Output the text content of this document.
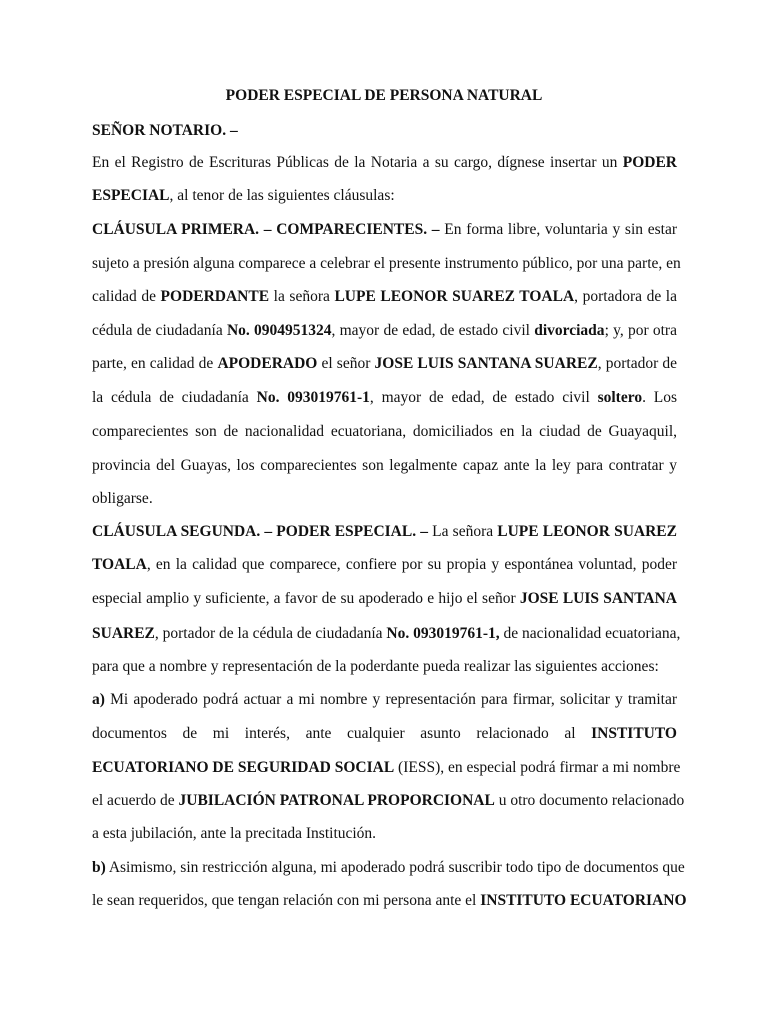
PODER ESPECIAL DE PERSONA NATURAL
SEÑOR NOTARIO. –
En el Registro de Escrituras Públicas de la Notaria a su cargo, dígnese insertar un PODER
ESPECIAL, al tenor de las siguientes cláusulas:
CLÁUSULA PRIMERA. – COMPARECIENTES. – En forma libre, voluntaria y sin estar
sujeto a presión alguna comparece a celebrar el presente instrumento público, por una parte, en
calidad de PODERDANTE la señora LUPE LEONOR SUAREZ TOALA, portadora de la
cédula de ciudadanía No. 0904951324, mayor de edad, de estado civil divorciada; y, por otra
parte, en calidad de APODERADO el señor JOSE LUIS SANTANA SUAREZ, portador de
la cédula de ciudadanía No. 093019761-1, mayor de edad, de estado civil soltero. Los
comparecientes son de nacionalidad ecuatoriana, domiciliados en la ciudad de Guayaquil,
provincia del Guayas, los comparecientes son legalmente capaz ante la ley para contratar y
obligarse.
CLÁUSULA SEGUNDA. – PODER ESPECIAL. – La señora LUPE LEONOR SUAREZ
TOALA, en la calidad que comparece, confiere por su propia y espontánea voluntad, poder
especial amplio y suficiente, a favor de su apoderado e hijo el señor JOSE LUIS SANTANA
SUAREZ, portador de la cédula de ciudadanía No. 093019761-1, de nacionalidad ecuatoriana,
para que a nombre y representación de la poderdante pueda realizar las siguientes acciones:
a) Mi apoderado podrá actuar a mi nombre y representación para firmar, solicitar y tramitar
documentos de mi interés, ante cualquier asunto relacionado al INSTITUTO
ECUATORIANO DE SEGURIDAD SOCIAL (IESS), en especial podrá firmar a mi nombre
el acuerdo de JUBILACIÓN PATRONAL PROPORCIONAL u otro documento relacionado
a esta jubilación, ante la precitada Institución.
b) Asimismo, sin restricción alguna, mi apoderado podrá suscribir todo tipo de documentos que
le sean requeridos, que tengan relación con mi persona ante el INSTITUTO ECUATORIANO
